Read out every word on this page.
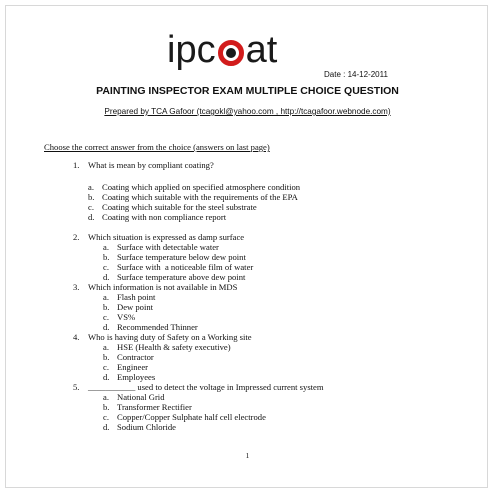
ipc at
Date : 14-12-2011
PAINTING INSPECTOR EXAM MULTIPLE CHOICE QUESTION
Prepared by TCA Gafoor (tcagokl@yahoo.com , http://tcagafoor.webnode.com)
Choose the correct answer from the choice (answers on last page)
1. What is mean by compliant coating?
a. Coating which applied on specified atmosphere condition
b. Coating which suitable with the requirements of the EPA
c. Coating which suitable for the steel substrate
d. Coating with non compliance report
2. Which situation is expressed as damp surface
a. Surface with detectable water
b. Surface temperature below dew point
c. Surface with  a noticeable film of water
d. Surface temperature above dew point
3. Which information is not available in MDS
a. Flash point
b. Dew point
c. VS%
d. Recommended Thinner
4. Who is having duty of Safety on a Working site
a. HSE (Health & safety executive)
b. Contractor
c. Engineer
d. Employees
5. ___________ used to detect the voltage in Impressed current system
a. National Grid
b. Transformer Rectifier
c. Copper/Copper Sulphate half cell electrode
d. Sodium Chloride
1
